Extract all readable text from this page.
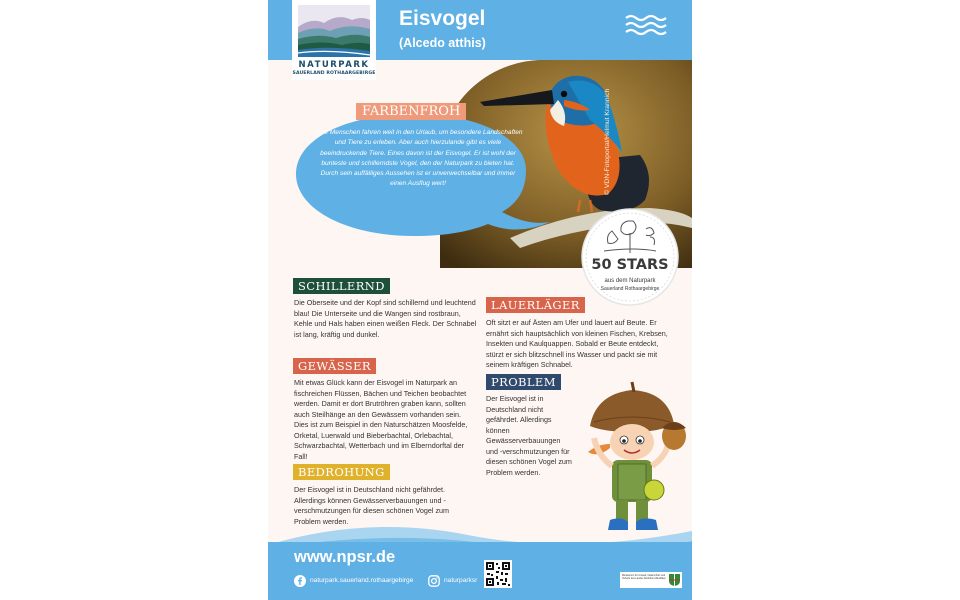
NATURPARK
SAUERLAND ROTHAARGEBIRGE
Eisvogel
(Alcedo atthis)
© VDN-Fotoportal/Helmut Krannich
FARBENFROH
Viele Menschen fahren weit in den Urlaub, um besondere Landschaften und Tiere zu erleben. Aber auch hierzulande gibt es viele beeindruckende Tiere. Eines davon ist der Eisvogel. Er ist wohl der bunteste und schillerndste Vogel, den der Naturpark zu bieten hat. Durch sein auffälliges Aussehen ist er unverwechselbar und immer einen Ausflug wert!
50 STARS
aus dem Naturpark
Sauerland Rothaargebirge
SCHILLERND
Die Oberseite und der Kopf sind schillernd und leuchtend blau! Die Unterseite und die Wangen sind rostbraun, Kehle und Hals haben einen weißen Fleck. Der Schnabel ist lang, kräftig und dunkel.
GEWÄSSER
Mit etwas Glück kann der Eisvogel im Naturpark an fischreichen Flüssen, Bächen und Teichen beobachtet werden. Damit er dort Brutröhren graben kann, sollten auch Steilhänge an den Gewässern vorhanden sein. Dies ist zum Beispiel in den Naturschätzen Moosfelde, Orketal, Luerwald und Bieberbachtal, Orlebachtal, Schwarzbachtal, Wetterbach und im Elberndorftal der Fall!
BEDROHUNG
Der Eisvogel ist in Deutschland nicht gefährdet. Allerdings können Gewässerverbauungen und -verschmutzungen für diesen schönen Vogel zum Problem werden.
LAUERLÄGER
Oft sitzt er auf Ästen am Ufer und lauert auf Beute. Er ernährt sich hauptsächlich von kleinen Fischen, Krebsen, Insekten und Kaulquappen. Sobald er Beute entdeckt, stürzt er sich blitzschnell ins Wasser und packt sie mit seinem kräftigen Schnabel.
PROBLEM
Der Eisvogel ist in Deutschland nicht gefährdet. Allerdings können Gewässerverbauungen und -verschmutzungen für diesen schönen Vogel zum Problem werden.
www.npsr.de
naturpark.sauerland.rothaargebirge	naturparksr
Ministerium für Umwelt, Naturschutz und Verkehr des Landes Nordrhein-Westfalen
